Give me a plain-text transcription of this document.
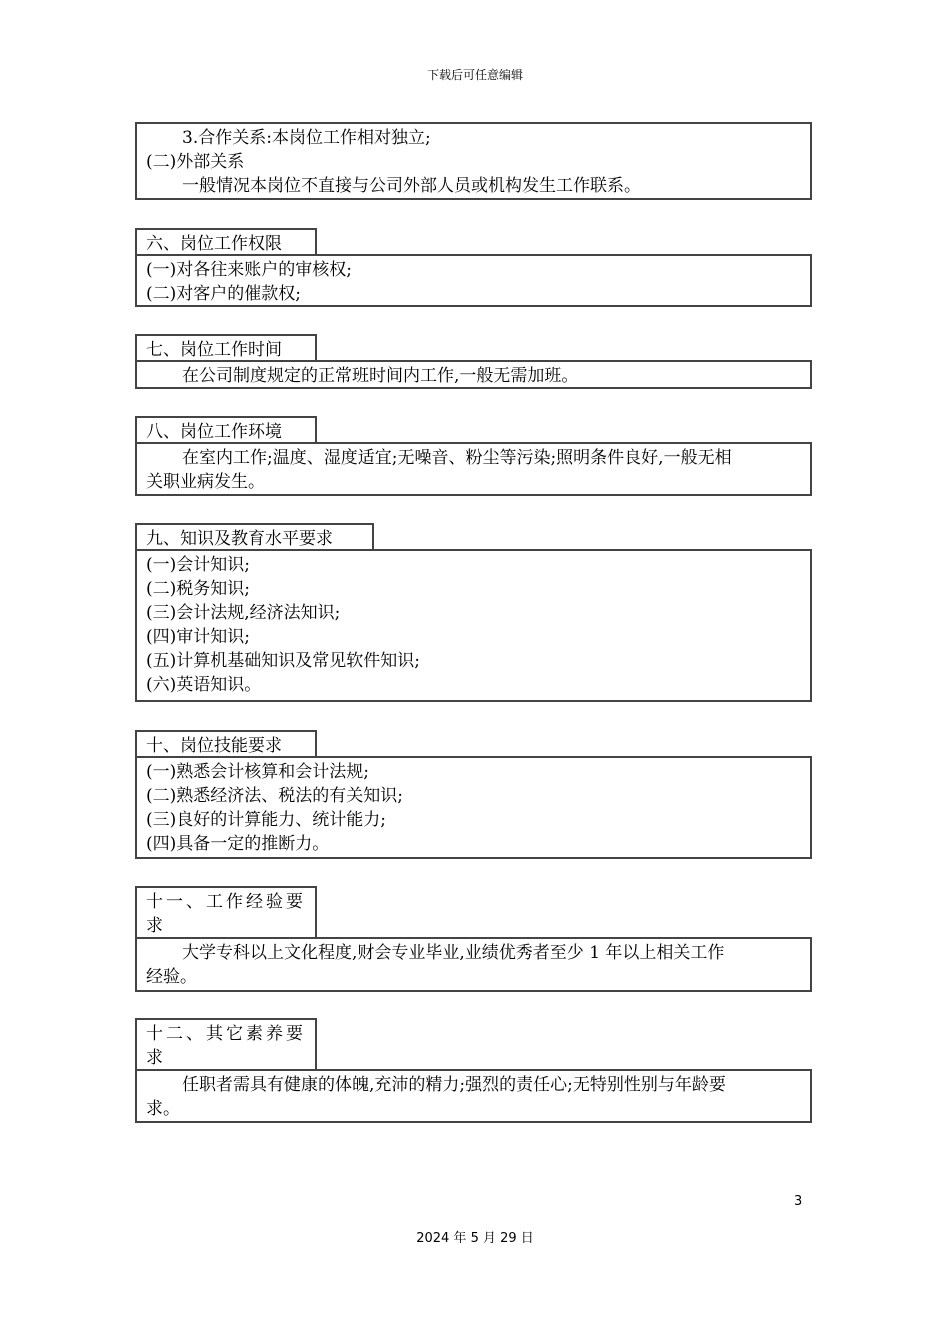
下载后可任意编辑
3.合作关系:本岗位工作相对独立;
(二)外部关系
一般情况本岗位不直接与公司外部人员或机构发生工作联系。
六、岗位工作权限
(一)对各往来账户的审核权;
(二)对客户的催款权;
七、岗位工作时间
在公司制度规定的正常班时间内工作,一般无需加班。
八、岗位工作环境
在室内工作;温度、湿度适宜;无噪音、粉尘等污染;照明条件良好,一般无相
关职业病发生。
九、知识及教育水平要求
(一)会计知识;
(二)税务知识;
(三)会计法规,经济法知识;
(四)审计知识;
(五)计算机基础知识及常见软件知识;
(六)英语知识。
十、岗位技能要求
(一)熟悉会计核算和会计法规;
(二)熟悉经济法、税法的有关知识;
(三)良好的计算能力、统计能力;
(四)具备一定的推断力。
十一、工作经验要
求
大学专科以上文化程度,财会专业毕业,业绩优秀者至少 1 年以上相关工作
经验。
十二、其它素养要
求
任职者需具有健康的体魄,充沛的精力;强烈的责任心;无特别性别与年龄要
求。
3
2024 年 5 月 29 日
